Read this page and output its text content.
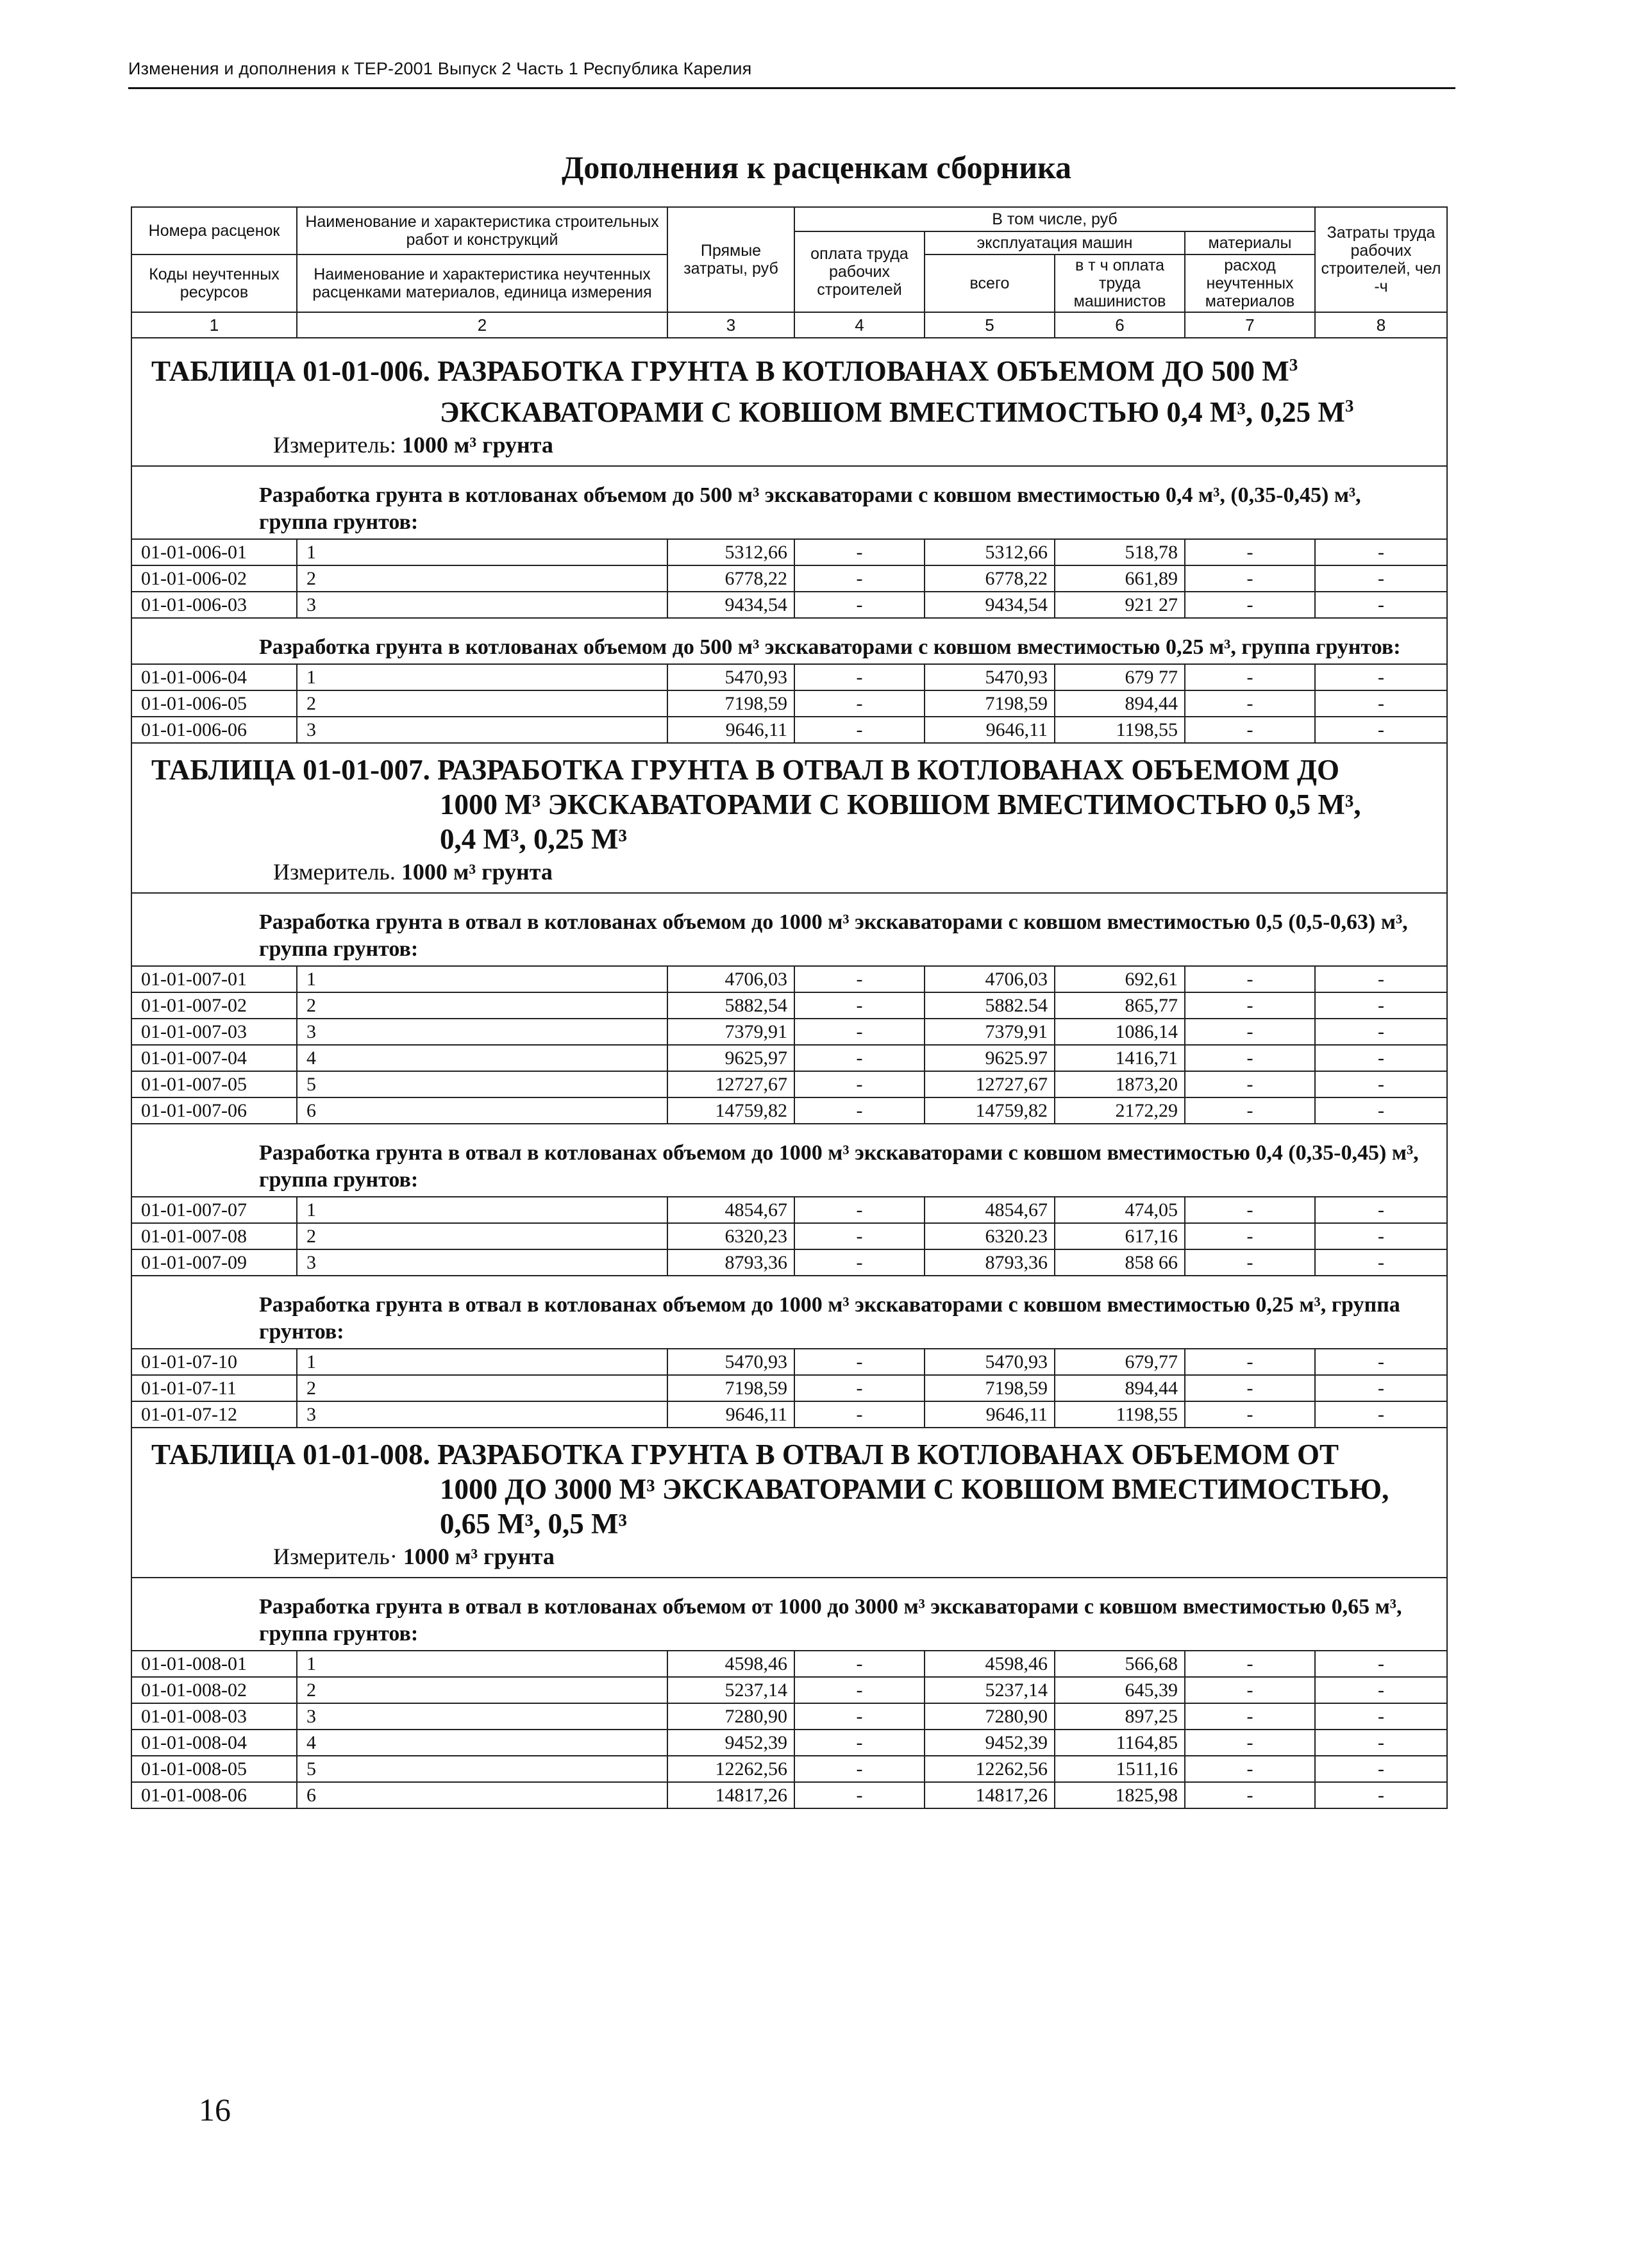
Изменения и дополнения к ТЕР-2001 Выпуск 2 Часть 1 Республика Карелия
Дополнения к расценкам сборника
Номера расценок	Наименование и характеристика строительных работ и конструкций	Прямые затраты, руб	В том числе, руб				Затраты труда рабочих строителей, чел -ч
			оплата труда рабочих строителей	эксплуатация машин		материалы	
Коды неучтенных ресурсов	Наименование и характеристика неучтенных расценками материалов, единица измерения			всего	в т ч оплата труда машинистов	расход неучтенных материалов	

1	2	3	4	5	6	7	8

ТАБЛИЦА 01-01-006. РАЗРАБОТКА ГРУНТА В КОТЛОВАНАХ ОБЪЕМОМ ДО 500 $М^3$
ЭКСКАВАТОРАМИ С КОВШОМ ВМЕСТИМОСТЬЮ 0,4 М³, 0,25 $М^3$
Измеритель: 1000 м³ грунта							

Разработка грунта в котлованах объемом до 500 м³ экскаваторами с ковшом вместимостью 0,4 м³, (0,35-0,45) м³, группа грунтов:							
01-01-006-01	1	5312,66	-	5312,66	518,78	-	-
01-01-006-02	2	6778,22	-	6778,22	661,89	-	-
01-01-006-03	3	9434,54	-	9434,54	921 27	-	-
Разработка грунта в котлованах объемом до 500 м³ экскаваторами с ковшом вместимостью 0,25 м³, группа грунтов:							
01-01-006-04	1	5470,93	-	5470,93	679 77	-	-
01-01-006-05	2	7198,59	-	7198,59	894,44	-	-
01-01-006-06	3	9646,11	-	9646,11	1198,55	-	-

ТАБЛИЦА 01-01-007. РАЗРАБОТКА ГРУНТА В ОТВАЛ В КОТЛОВАНАХ ОБЪЕМОМ ДО
1000 М³ ЭКСКАВАТОРАМИ С КОВШОМ ВМЕСТИМОСТЬЮ 0,5 М³,
0,4 М³, 0,25 М³
Измеритель. 1000 м³ грунта							

Разработка грунта в отвал в котлованах объемом до 1000 м³ экскаваторами с ковшом вместимостью 0,5 (0,5-0,63) м³, группа грунтов:							
01-01-007-01	1	4706,03	-	4706,03	692,61	-	-
01-01-007-02	2	5882,54	-	5882.54	865,77	-	-
01-01-007-03	3	7379,91	-	7379,91	1086,14	-	-
01-01-007-04	4	9625,97	-	9625.97	1416,71	-	-
01-01-007-05	5	12727,67	-	12727,67	1873,20	-	-
01-01-007-06	6	14759,82	-	14759,82	2172,29	-	-
Разработка грунта в отвал в котлованах объемом до 1000 м³ экскаваторами с ковшом вместимостью 0,4 (0,35-0,45) м³, группа грунтов:							
01-01-007-07	1	4854,67	-	4854,67	474,05	-	-
01-01-007-08	2	6320,23	-	6320.23	617,16	-	-
01-01-007-09	3	8793,36	-	8793,36	858 66	-	-
Разработка грунта в отвал в котлованах объемом до 1000 м³ экскаваторами с ковшом вместимостью 0,25 м³, группа грунтов:							
01-01-07-10	1	5470,93	-	5470,93	679,77	-	-
01-01-07-11	2	7198,59	-	7198,59	894,44	-	-
01-01-07-12	3	9646,11	-	9646,11	1198,55	-	-

ТАБЛИЦА 01-01-008. РАЗРАБОТКА ГРУНТА В ОТВАЛ В КОТЛОВАНАХ ОБЪЕМОМ ОТ
1000 ДО 3000 М³ ЭКСКАВАТОРАМИ С КОВШОМ ВМЕСТИМОСТЬЮ,
0,65 М³, 0,5 М³
Измеритель· 1000 м³ грунта							

Разработка грунта в отвал в котлованах объемом от 1000 до 3000 м³ экскаваторами с ковшом вместимостью 0,65 м³, группа грунтов:							
01-01-008-01	1	4598,46	-	4598,46	566,68	-	-
01-01-008-02	2	5237,14	-	5237,14	645,39	-	-
01-01-008-03	3	7280,90	-	7280,90	897,25	-	-
01-01-008-04	4	9452,39	-	9452,39	1164,85	-	-
01-01-008-05	5	12262,56	-	12262,56	1511,16	-	-
01-01-008-06	6	14817,26	-	14817,26	1825,98	-	-
16
